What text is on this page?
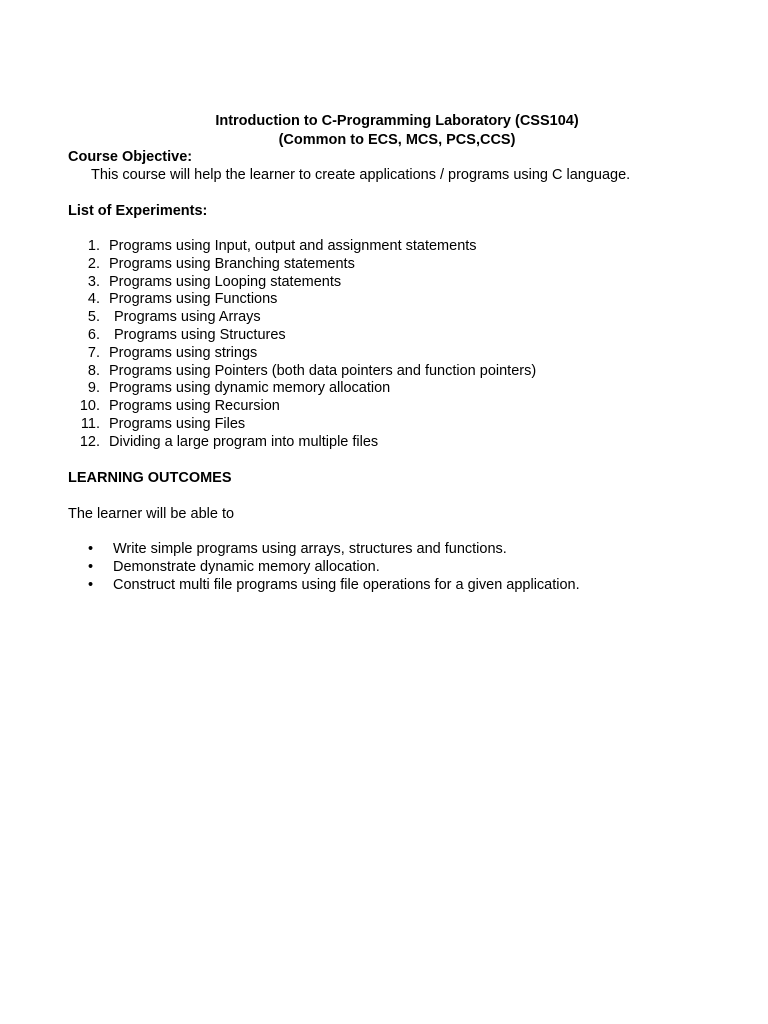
Introduction to C-Programming Laboratory (CSS104)
(Common to ECS, MCS, PCS,CCS)
Course Objective:
This course will help the learner to create applications / programs using C language.
List of Experiments:
1. Programs using Input, output and assignment statements
2. Programs using Branching statements
3. Programs using Looping statements
4. Programs using Functions
5. Programs using Arrays
6. Programs using Structures
7. Programs using strings
8. Programs using Pointers (both data pointers and function pointers)
9. Programs using dynamic memory allocation
10. Programs using Recursion
11. Programs using Files
12. Dividing a large program into multiple files
LEARNING OUTCOMES
The learner will be able to
• Write simple programs using arrays, structures and functions.
• Demonstrate dynamic memory allocation.
• Construct multi file programs using file operations for a given application.
